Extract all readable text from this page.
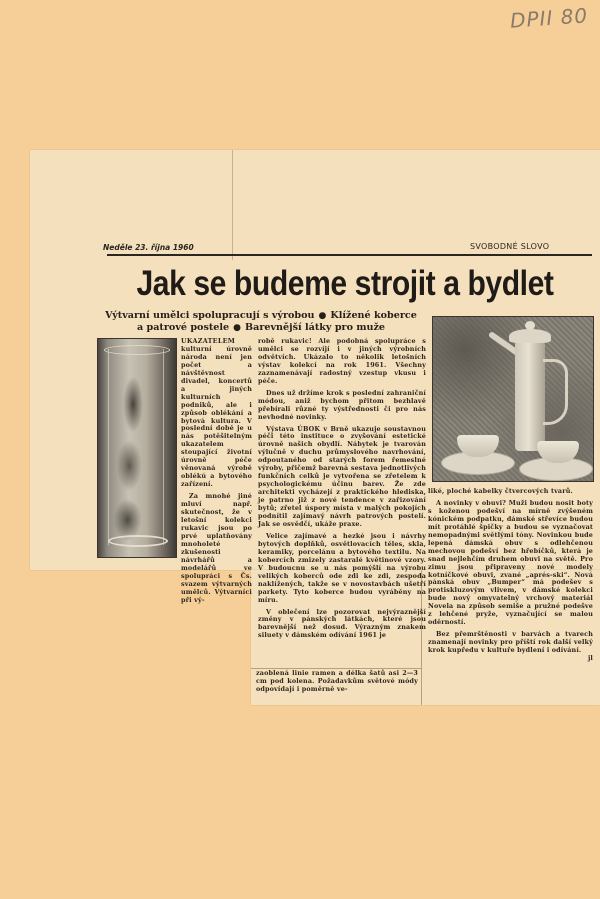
DPII 80
Neděle 23. října 1960	SVOBODNÉ SLOVO
Jak se budeme strojit a bydlet
Výtvarní umělci spolupracují s výrobou ● Klížené koberce
a patrové postele ● Barevnější látky pro muže

UKAZATELEM kulturní úrovně národa není jen počet a návštěvnost divadel, koncertů a jiných kulturních podniků, ale i způsob oblékání a bytová kultura. V poslední době je u nás potěšitelným ukazatelem stoupající životní úrovně péče věnovaná výrobě oblékú a bytového zařízení.

Za mnohé jiné mluví např. skutečnost, že v letošní kolekci rukavic jsou po prvé uplatňovány mnoholeté zkušenosti návrhářů a modelářů ve spolupráci s Čs. svazem výtvarných umělců. Výtvarníci při vý-

robě rukavic! Ale podobná spolupráce s umělci se rozvíjí i v jiných výrobních odvětvích. Ukázalo to několik letošních výstav kolekcí na rok 1961. Všechny zaznamenávají radostný vzestup vkusu i péče.

Dnes už držíme krok s poslední zahraniční módou, aniž bychom přitom bezhlavě přebírali různé ty výstřednosti či pro nás nevhodné novinky.

Výstava ÚBOK v Brně ukazuje soustavnou péči této instituce o zvyšování estetické úrovně našich obydlí. Nábytek je tvarován výlučně v duchu průmyslového navrhování, odpoutaného od starých forem řemeslné výroby, přičemž barevná sestava jednotlivých funkčních celků je vytvořena se zřetelem k psychologickému účinu barev. Že zde architekti vycházejí z praktického hlediska, je patrno již z nové tendence v zařizování bytů; zřetel úspory místa v malých pokojích podnítil zajímavý návrh patrových postelí. Jak se osvědčí, ukáže praxe.

Velice zajímavé a hezké jsou i návrhy bytových doplňků, osvětlovacích těles, skla, keramiky, porcelánu a bytového textilu. Na kobercích zmizely zastaralé květinové vzory. V budoucnu se u nás pomýšlí na výrobu velikých koberců ode zdi ke zdi, zespoda naklížených, takže se v novostavbách ušetří parkety. Tyto koberce budou vyráběny na míru.

V oblečení lze pozorovat nejvýraznější změny v pánských látkách, které jsou barevnější než dosud. Výrazným znakem siluety v dámském odívání 1961 je

zaoblená linie ramen a délka šatů asi 2—3 cm pod kolena. Požadavkům světové módy odpovídají i poměrně ve-

liké, ploché kabelky čtvercových tvarů.

A novinky v obuvi? Muži budou nosit boty s koženou podešví na mírně zvýšeném kónickém podpatku, dámské střevíce budou mít protáhlé špičky a budou se vyznačovat nemopadnými světlými tóny. Novinkou bude lepená dámská obuv s odlehčenou mechovou podešví bez hřebíčků, která je snad nejlehčím druhem obuvi na světě. Pro zimu jsou připraveny nové modely kotníčkové obuvi, zvané „aprés-ski“. Nová pánská obuv „Bumper“ má podešev s protiskluzovým vlivem, v dámské kolekci bude nový omyvatelný vrchový materiál Novela na způsob semiše a pružné podešve z lehčené pryže, vyznačující se malou oděrností.

Bez přemrštěnosti v barvách a tvarech znamenají novinky pro příští rok další velký krok kupředu v kultuře bydlení i odívání.

jl
